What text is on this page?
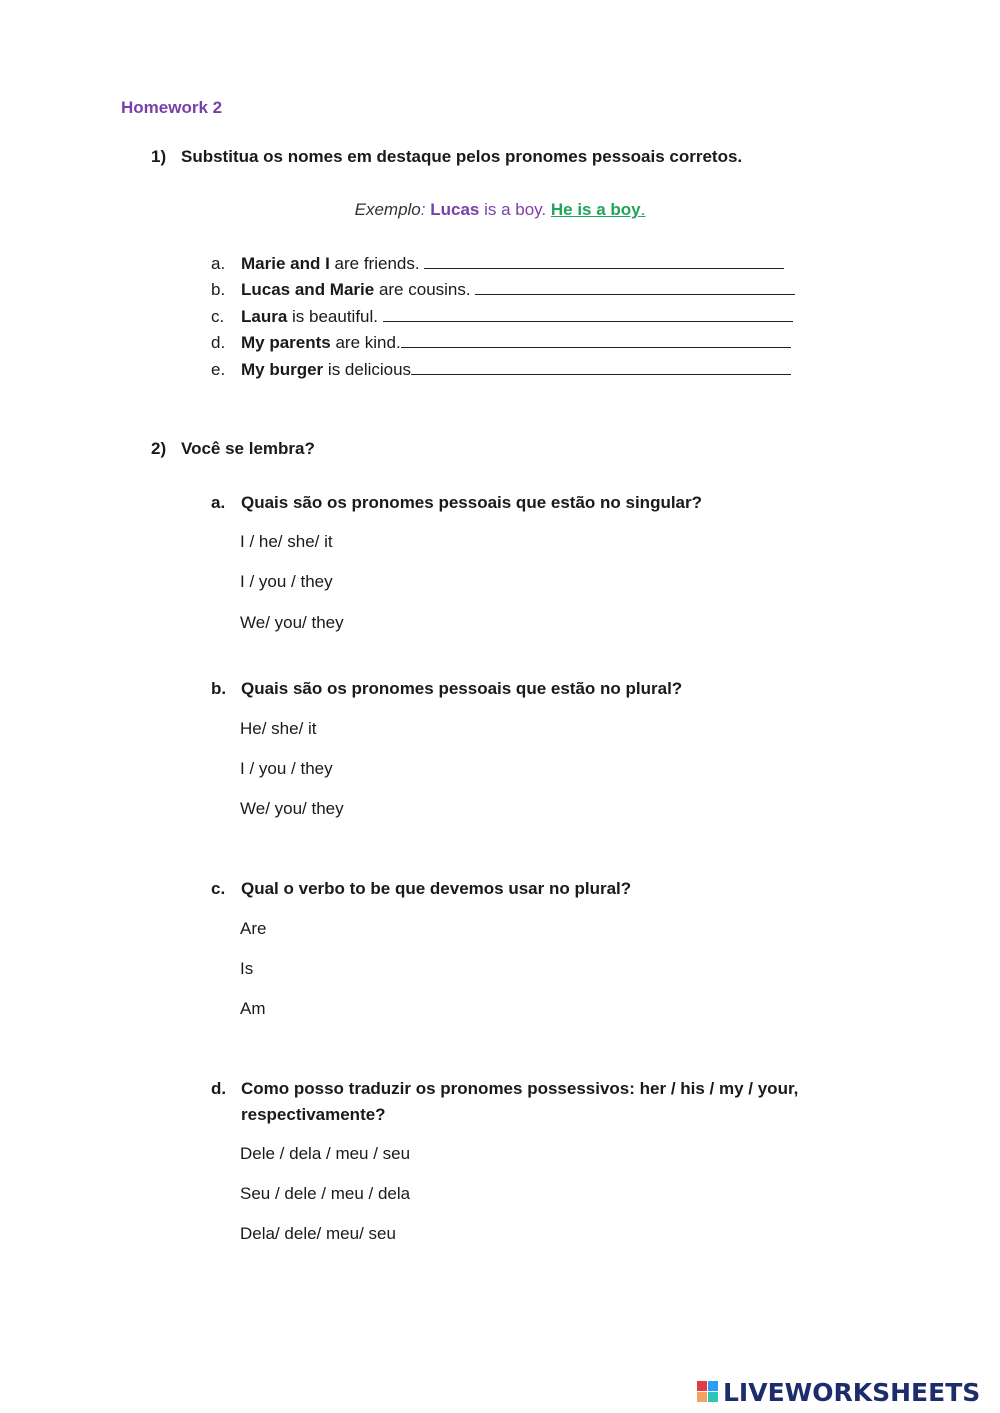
Homework 2
1) Substitua os nomes em destaque pelos pronomes pessoais corretos.
Exemplo: Lucas is a boy. He is a boy.
a. Marie and I are friends.
b. Lucas and Marie are cousins.
c. Laura is beautiful.
d. My parents are kind.
e. My burger is delicious
2) Você se lembra?
a. Quais são os pronomes pessoais que estão no singular?
I / he/ she/ it
I / you / they
We/ you/ they
b. Quais são os pronomes pessoais que estão no plural?
He/ she/ it
I / you / they
We/ you/ they
c. Qual o verbo to be que devemos usar no plural?
Are
Is
Am
d. Como posso traduzir os pronomes possessivos: her / his / my / your,
respectivamente?
Dele / dela / meu / seu
Seu / dele / meu / dela
Dela/ dele/ meu/ seu
LIVEWORKSHEETS
